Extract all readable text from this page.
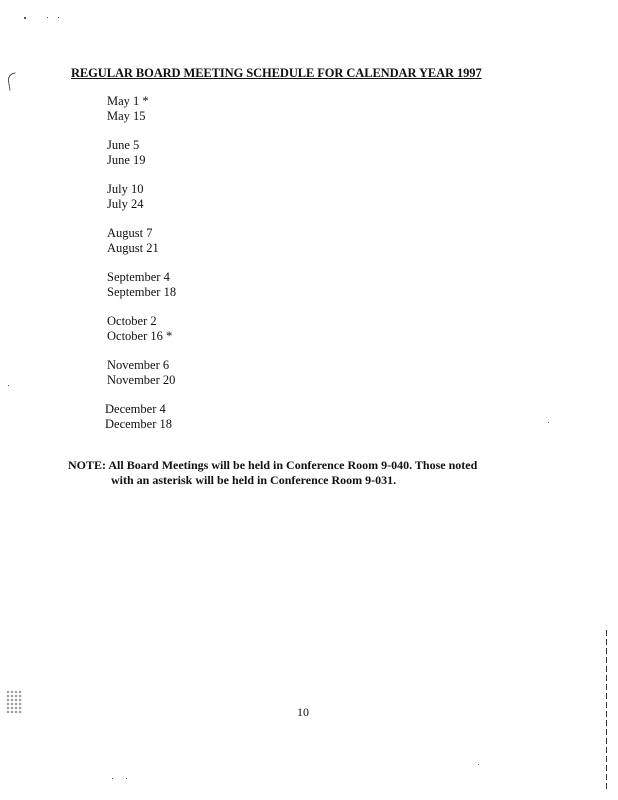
REGULAR BOARD MEETING SCHEDULE FOR CALENDAR YEAR 1997
May 1 *
May 15
June 5
June 19
July 10
July 24
August 7
August 21
September 4
September 18
October 2
October 16 *
November 6
November 20
December 4
December 18
NOTE: All Board Meetings will be held in Conference Room 9-040. Those noted
with an asterisk will be held in Conference Room 9-031.
10
